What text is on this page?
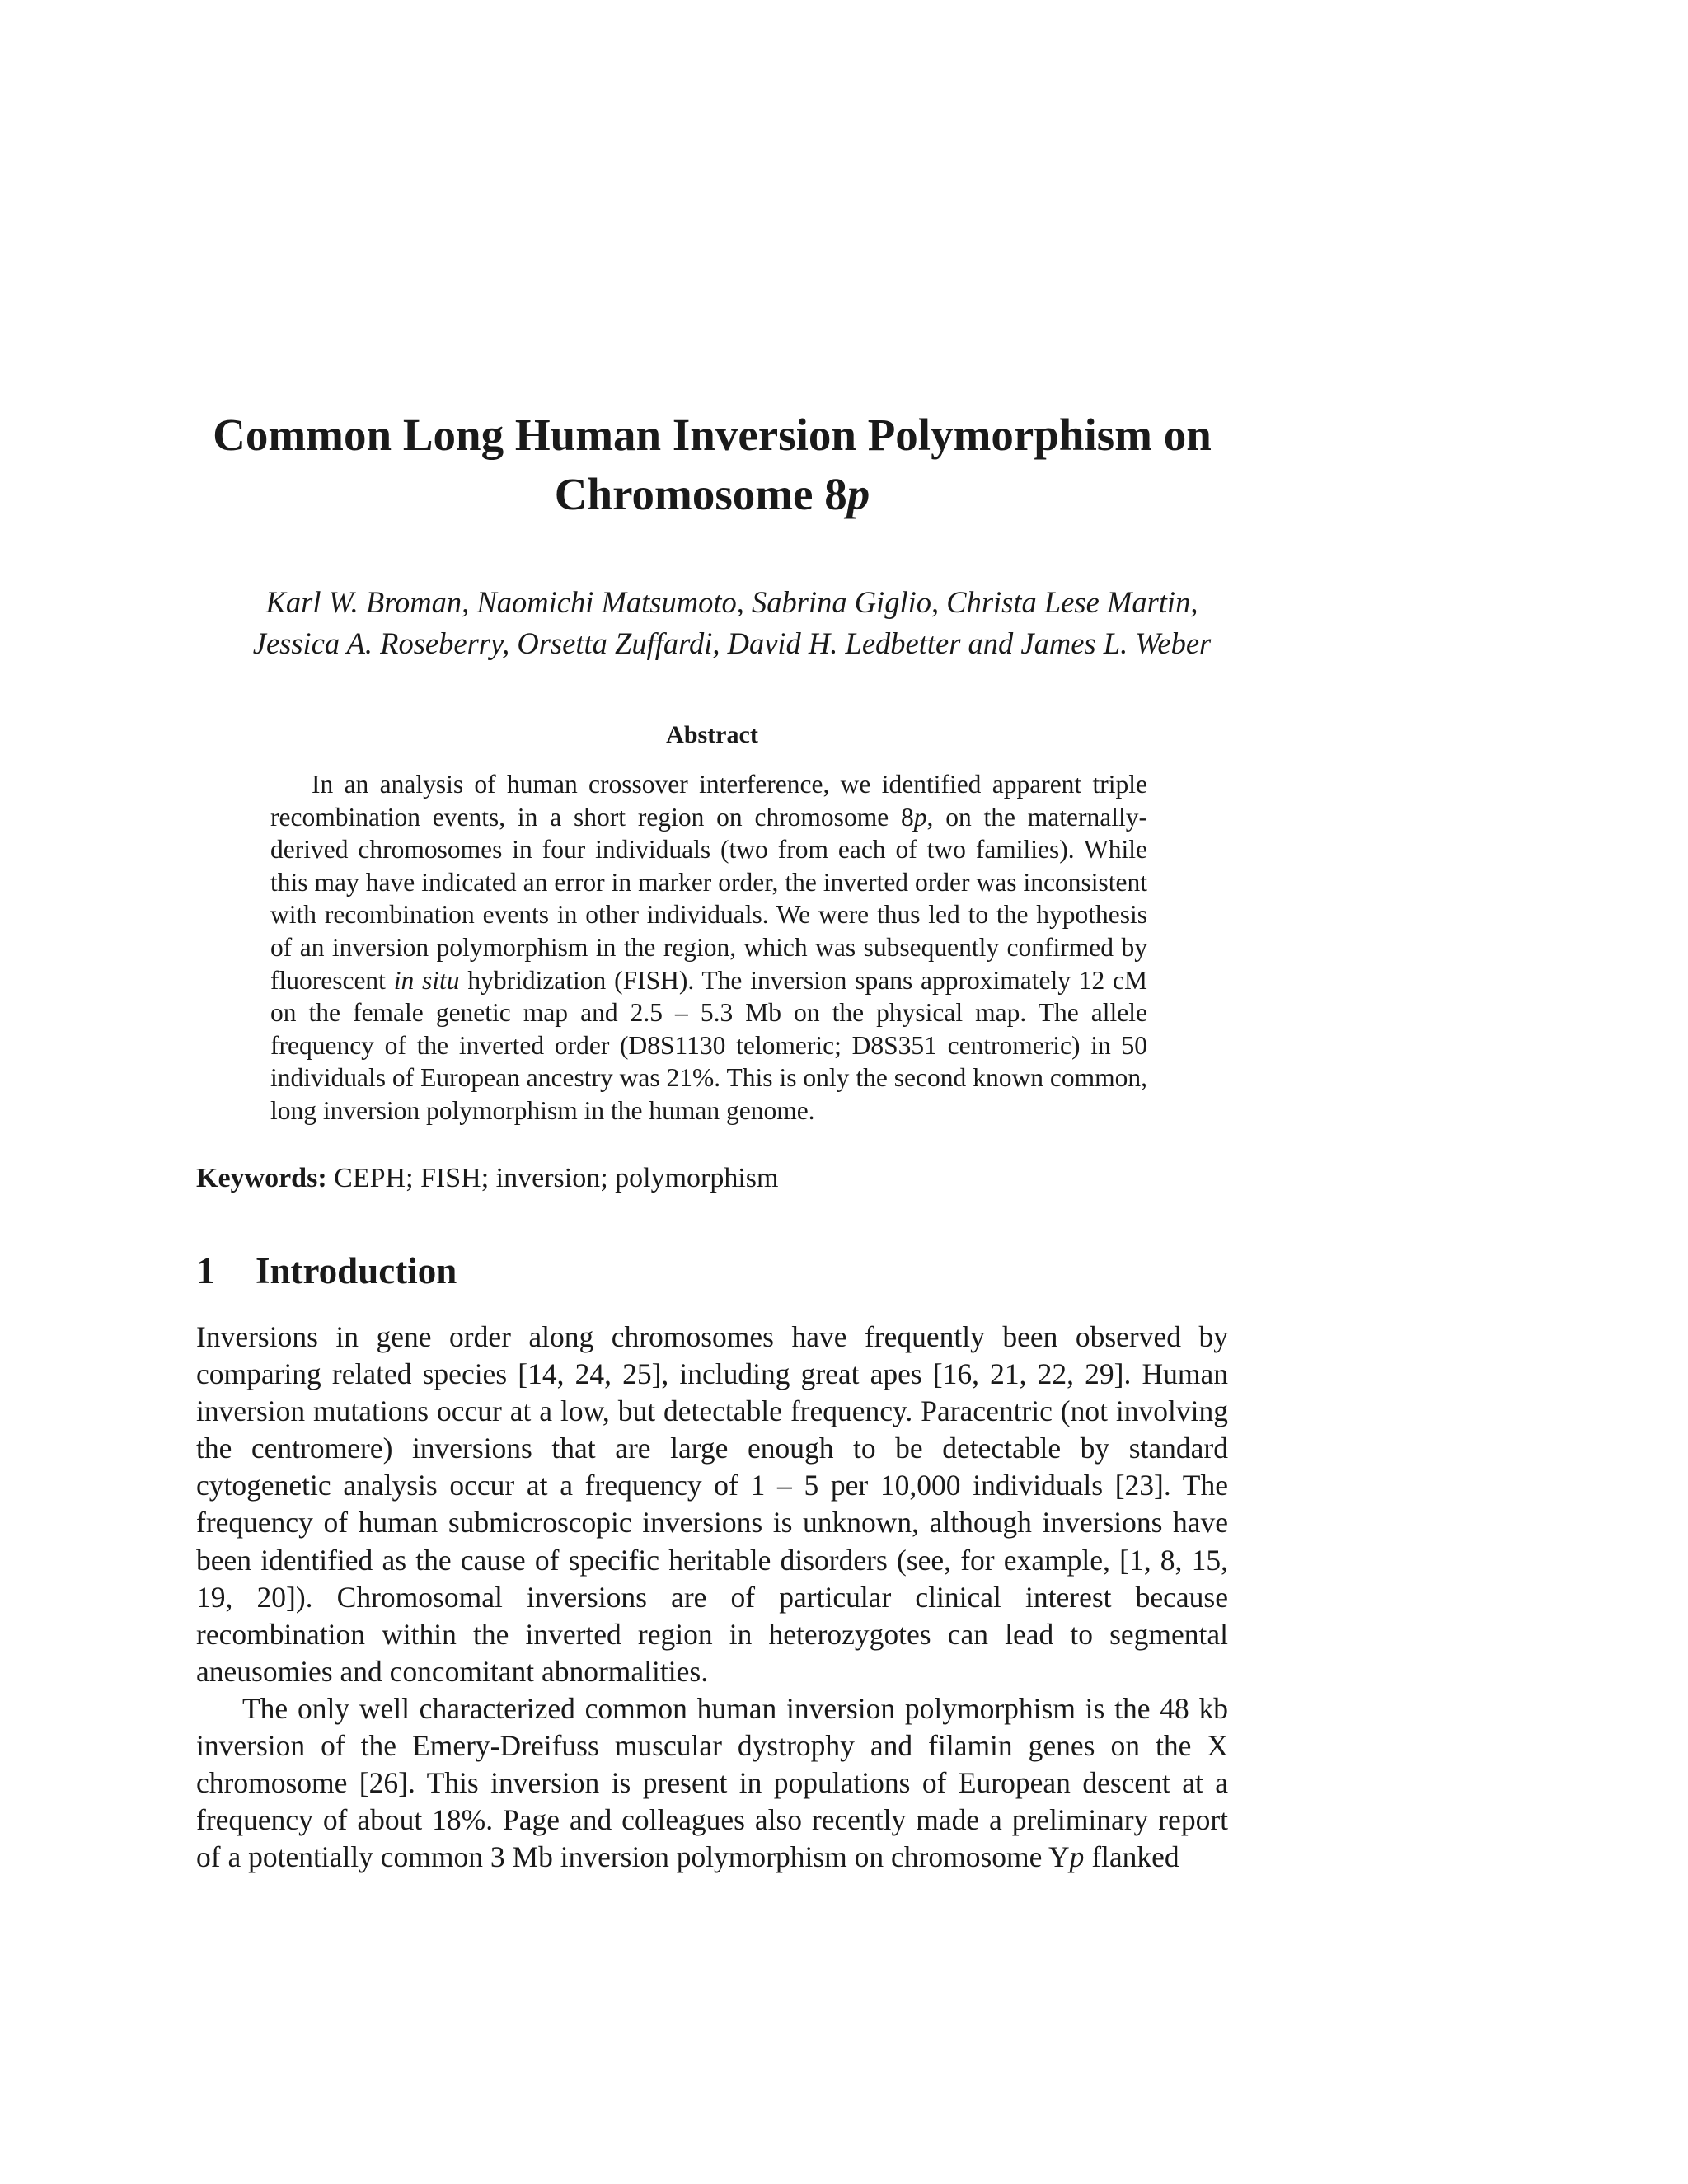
Common Long Human Inversion Polymorphism on
Chromosome 8p
Karl W. Broman, Naomichi Matsumoto, Sabrina Giglio, Christa Lese Martin,
Jessica A. Roseberry, Orsetta Zuffardi, David H. Ledbetter and James L. Weber
Abstract

In an analysis of human crossover interference, we identified apparent triple recombination events, in a short region on chromosome 8p, on the maternally-derived chromosomes in four individuals (two from each of two families). While this may have indicated an error in marker order, the inverted order was inconsistent with recombination events in other individuals. We were thus led to the hypothesis of an inversion polymorphism in the region, which was subsequently confirmed by fluorescent in situ hybridization (FISH). The inversion spans approximately 12 cM on the female genetic map and 2.5 – 5.3 Mb on the physical map. The allele frequency of the inverted order (D8S1130 telomeric; D8S351 centromeric) in 50 individuals of European ancestry was 21%. This is only the second known common, long inversion polymorphism in the human genome.

Keywords: CEPH; FISH; inversion; polymorphism

1 Introduction

Inversions in gene order along chromosomes have frequently been observed by comparing related species [14, 24, 25], including great apes [16, 21, 22, 29]. Human inversion mutations occur at a low, but detectable frequency. Paracentric (not involving the centromere) inversions that are large enough to be detectable by standard cytogenetic analysis occur at a frequency of 1 – 5 per 10,000 individuals [23]. The frequency of human submicroscopic inversions is unknown, although inversions have been identified as the cause of specific heritable disorders (see, for example, [1, 8, 15, 19, 20]). Chromosomal inversions are of particular clinical interest because recombination within the inverted region in heterozygotes can lead to segmental aneusomies and concomitant abnormalities.

The only well characterized common human inversion polymorphism is the 48 kb inversion of the Emery-Dreifuss muscular dystrophy and filamin genes on the X chromosome [26]. This inversion is present in populations of European descent at a frequency of about 18%. Page and colleagues also recently made a preliminary report of a potentially common 3 Mb inversion polymorphism on chromosome Yp flanked
